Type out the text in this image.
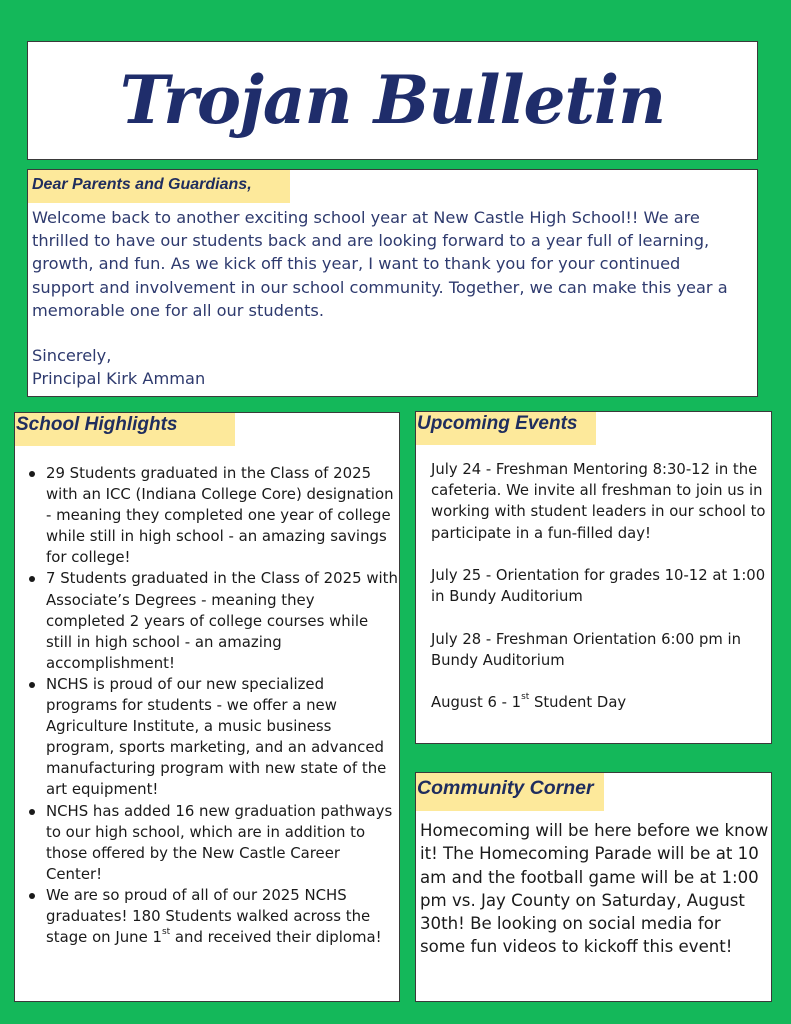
Trojan Bulletin
Dear Parents and Guardians,
Welcome back to another exciting school year at New Castle High School!! We are thrilled to have our students back and are looking forward to a year full of learning, growth, and fun. As we kick off this year, I want to thank you for your continued support and involvement in our school community. Together, we can make this year a memorable one for all our students.
Sincerely,
Principal Kirk Amman
School Highlights
29 Students graduated in the Class of 2025 with an ICC (Indiana College Core) designation - meaning they completed one year of college while still in high school - an amazing savings for college!
7 Students graduated in the Class of 2025 with Associate’s Degrees - meaning they completed 2 years of college courses while still in high school - an amazing accomplishment!
NCHS is proud of our new specialized programs for students - we offer a new Agriculture Institute, a music business program, sports marketing, and an advanced manufacturing program with new state of the art equipment!
NCHS has added 16 new graduation pathways to our high school, which are in addition to those offered by the New Castle Career Center!
We are so proud of all of our 2025 NCHS graduates! 180 Students walked across the stage on June 1st and received their diploma!
Upcoming Events
July 24 - Freshman Mentoring 8:30-12 in the cafeteria. We invite all freshman to join us in working with student leaders in our school to participate in a fun-filled day!
July 25 - Orientation for grades 10-12 at 1:00 in Bundy Auditorium
July 28 - Freshman Orientation 6:00 pm in Bundy Auditorium
August 6 - 1st Student Day
Community Corner
Homecoming will be here before we know it! The Homecoming Parade will be at 10 am and the football game will be at 1:00 pm vs. Jay County on Saturday, August 30th! Be looking on social media for some fun videos to kickoff this event!
